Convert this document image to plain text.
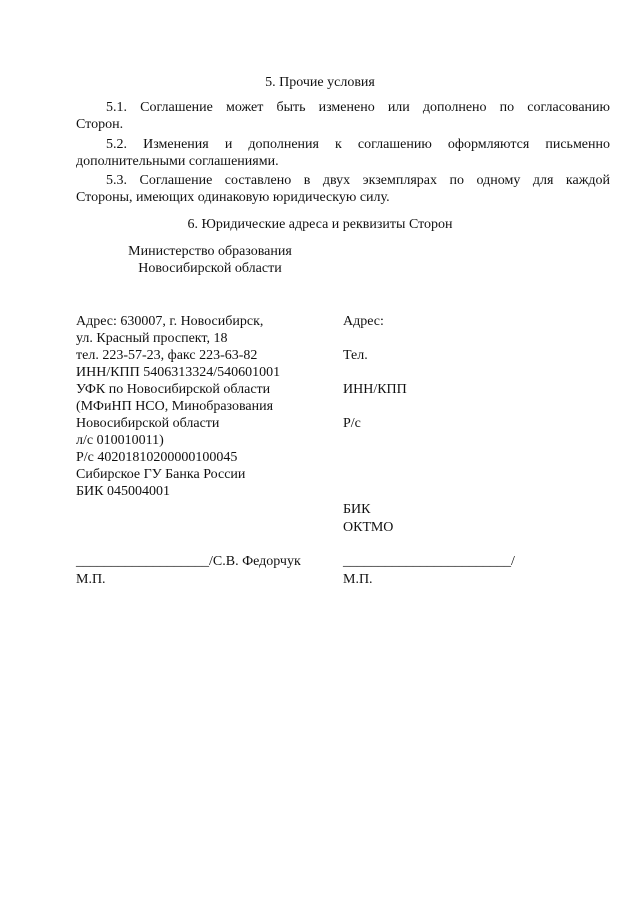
5. Прочие условия
5.1. Соглашение может быть изменено или дополнено по согласованию
Сторон.
5.2. Изменения и дополнения к соглашению оформляются письменно
дополнительными соглашениями.
5.3. Соглашение составлено в двух экземплярах по одному для каждой
Стороны, имеющих одинаковую юридическую силу.
6. Юридические адреса и реквизиты Сторон
Министерство образования
Новосибирской области
Адрес: 630007, г. Новосибирск,
ул. Красный проспект, 18
тел. 223-57-23, факс 223-63-82
ИНН/КПП 5406313324/540601001
УФК по Новосибирской области
(МФиНП НСО, Минобразования
Новосибирской области
л/с 010010011)
Р/с 40201810200000100045
Сибирское ГУ Банка России
БИК 045004001
Адрес:
Тел.
ИНН/КПП
Р/с
БИК
ОКТМО
___________________/С.В. Федорчук
М.П.
________________________/
М.П.
